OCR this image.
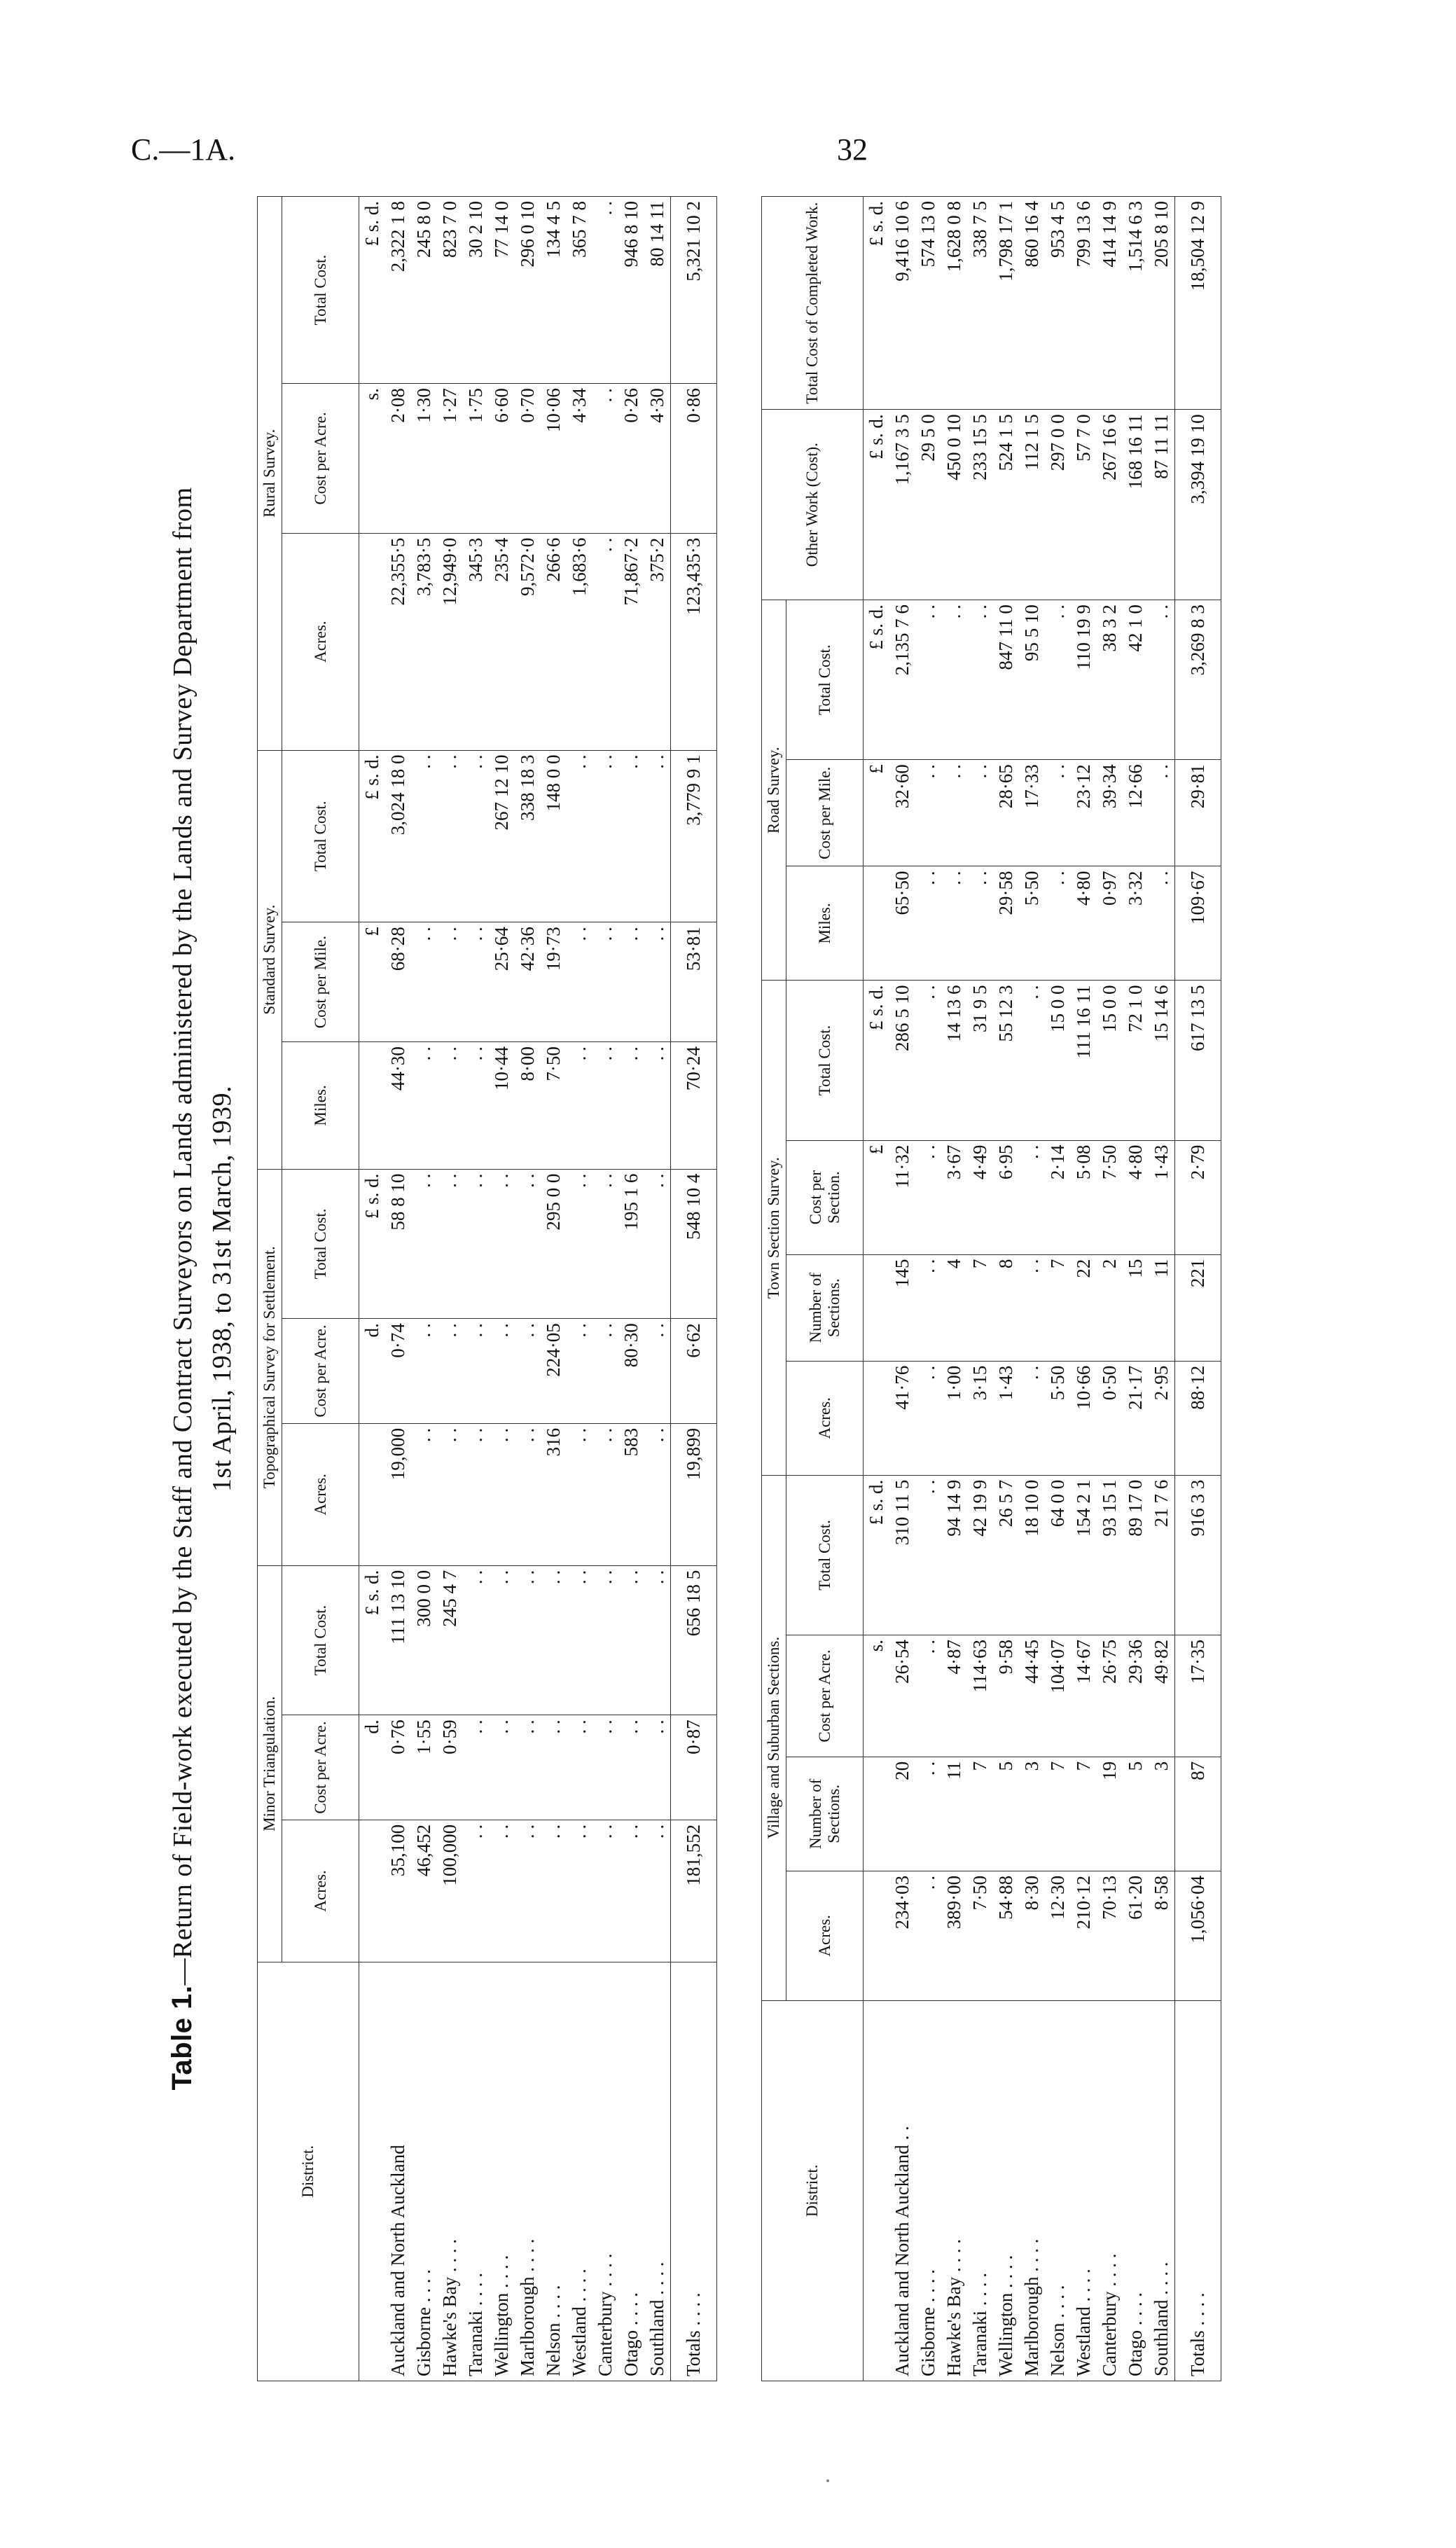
C.—1A.	32
Table 1.—Return of Field-work executed by the Staff and Contract Surveyors on Lands administered by the Lands and Survey Department from 1st April, 1938, to 31st March, 1939.
District.	Minor Triangulation.			Topographical Survey for Settlement.			Standard Survey.			Rural Survey.		
	Acres.	Cost per Acre.	Total Cost.	Acres.	Cost per Acre.	Total Cost.	Miles.	Cost per Mile.	Total Cost.	Acres.	Cost per Acre.	Total Cost.
		d.	£ s. d.		d.	£ s. d.		£	£ s. d.		s.	£ s. d.
Auckland and North Auckland	35,100	0·76	111 13 10	19,000	0·74	58 8 10	44·30	68·28	3,024 18 0	22,355·5	2·08	2,322 1 8
Gisborne . . . .	46,452	1·55	300 0 0	. .	. .	. .	. .	. .	. .	3,783·5	1·30	245 8 0
Hawke's Bay . . . .	100,000	0·59	245 4 7	. .	. .	. .	. .	. .	. .	12,949·0	1·27	823 7 0
Taranaki . . . .	. .	. .	. .	. .	. .	. .	. .	. .	. .	345·3	1·75	30 2 10
Wellington . . . .	. .	. .	. .	. .	. .	. .	10·44	25·64	267 12 10	235·4	6·60	77 14 0
Marlborough . . . .	. .	. .	. .	. .	. .	. .	8·00	42·36	338 18 3	9,572·0	0·70	296 0 10
Nelson . . . .	. .	. .	. .	316	224·05	295 0 0	7·50	19·73	148 0 0	266·6	10·06	134 4 5
Westland . . . .	. .	. .	. .	. .	. .	. .	. .	. .	. .	1,683·6	4·34	365 7 8
Canterbury . . . .	. .	. .	. .	. .	. .	. .	. .	. .	. .	. .	. .	. .
Otago . . . .	. .	. .	. .	583	80·30	195 1 6	. .	. .	. .	71,867·2	0·26	946 8 10
Southland . . . .	. .	. .	. .	. .	. .	. .	. .	. .	. .	375·2	4·30	80 14 11
Totals . . . .	181,552	0·87	656 18 5	19,899	6·62	548 10 4	70·24	53·81	3,779 9 1	123,435·3	0·86	5,321 10 2
District.	Village and Suburban Sections.				Town Section Survey.				Road Survey.			Other Work (Cost).	Total Cost of Completed Work.
	Acres.	Number of Sections.	Cost per Acre.	Total Cost.	Acres.	Number of Sections.	Cost per Section.	Total Cost.	Miles.	Cost per Mile.	Total Cost.		
			s.	£ s. d.			£	£ s. d.		£	£ s. d.	£ s. d.	£ s. d.
Auckland and North Auckland . .	234·03	20	26·54	310 11 5	41·76	145	11·32	286 5 10	65·50	32·60	2,135 7 6	1,167 3 5	9,416 10 6
Gisborne . . . .	. .	. .	. .	. .	. .	. .	. .	. .	. .	. .	. .	29 5 0	574 13 0
Hawke's Bay . . . .	389·00	11	4·87	94 14 9	1·00	4	3·67	14 13 6	. .	. .	. .	450 0 10	1,628 0 8
Taranaki . . . .	7·50	7	114·63	42 19 9	3·15	7	4·49	31 9 5	. .	. .	. .	233 15 5	338 7 5
Wellington . . . .	54·88	5	9·58	26 5 7	1·43	8	6·95	55 12 3	29·58	28·65	847 11 0	524 1 5	1,798 17 1
Marlborough . . . .	8·30	3	44·45	18 10 0	. .	. .	. .	. .	5·50	17·33	95 5 10	112 1 5	860 16 4
Nelson . . . .	12·30	7	104·07	64 0 0	5·50	7	2·14	15 0 0	. .	. .	. .	297 0 0	953 4 5
Westland . . . .	210·12	7	14·67	154 2 1	10·66	22	5·08	111 16 11	4·80	23·12	110 19 9	57 7 0	799 13 6
Canterbury . . . .	70·13	19	26·75	93 15 1	0·50	2	7·50	15 0 0	0·97	39·34	38 3 2	267 16 6	414 14 9
Otago . . . .	61·20	5	29·36	89 17 0	21·17	15	4·80	72 1 0	3·32	12·66	42 1 0	168 16 11	1,514 6 3
Southland . . . .	8·58	3	49·82	21 7 6	2·95	11	1·43	15 14 6	. .	. .	. .	87 11 11	205 8 10
Totals . . . .	1,056·04	87	17·35	916 3 3	88·12	221	2·79	617 13 5	109·67	29·81	3,269 8 3	3,394 19 10	18,504 12 9
